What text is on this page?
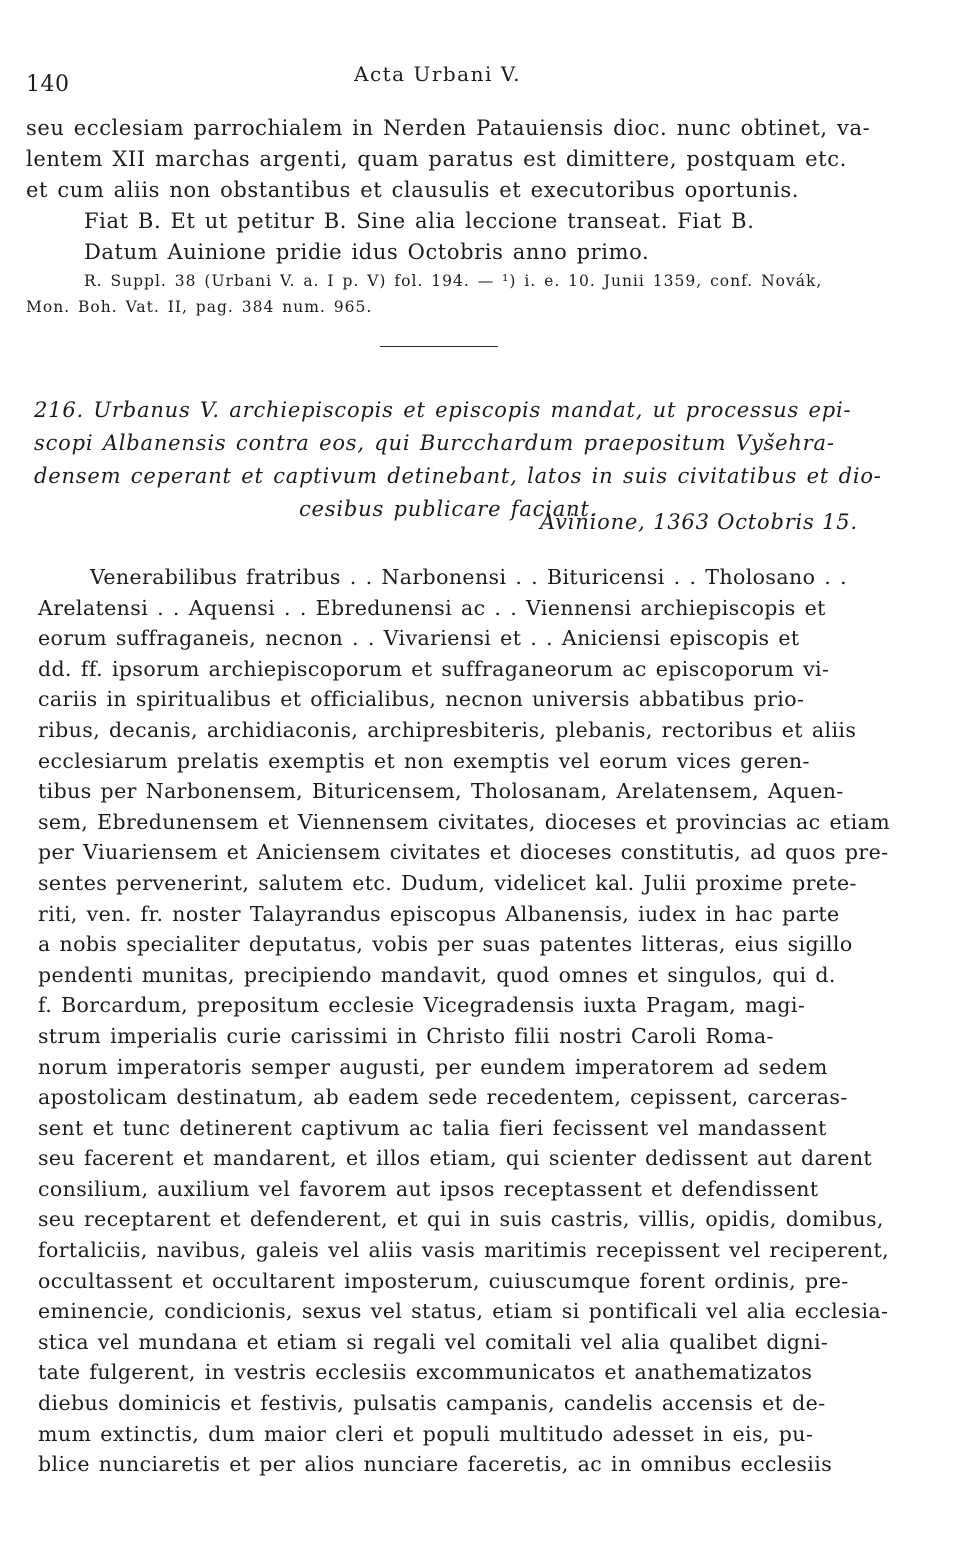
140	Acta Urbani V.
seu ecclesiam parrochialem in Nerden Patauiensis dioc. nunc obtinet, va-
lentem XII marchas argenti, quam paratus est dimittere, postquam etc.
et cum aliis non obstantibus et clausulis et executoribus oportunis.
Fiat B. Et ut petitur B. Sine alia leccione transeat. Fiat B.
Datum Auinione pridie idus Octobris anno primo.
R. Suppl. 38 (Urbani V. a. I p. V) fol. 194. — ¹) i. e. 10. Junii 1359, conf. Novák,
Mon. Boh. Vat. II, pag. 384 num. 965.
216. Urbanus V. archiepiscopis et episcopis mandat, ut processus epi-
scopi Albanensis contra eos, qui Burcchardum praepositum Vyšehra-
densem ceperant et captivum detinebant, latos in suis civitatibus et dio-
cesibus publicare faciant.
Avinione, 1363 Octobris 15.
Venerabilibus fratribus . . Narbonensi . . Bituricensi . . Tholosano . .
Arelatensi . . Aquensi . . Ebredunensi ac . . Viennensi archiepiscopis et
eorum suffraganeis, necnon . . Vivariensi et . . Aniciensi episcopis et
dd. ff. ipsorum archiepiscoporum et suffraganeorum ac episcoporum vi-
cariis in spiritualibus et officialibus, necnon universis abbatibus prio-
ribus, decanis, archidiaconis, archipresbiteris, plebanis, rectoribus et aliis
ecclesiarum prelatis exemptis et non exemptis vel eorum vices geren-
tibus per Narbonensem, Bituricensem, Tholosanam, Arelatensem, Aquen-
sem, Ebredunensem et Viennensem civitates, dioceses et provincias ac etiam
per Viuariensem et Aniciensem civitates et dioceses constitutis, ad quos pre-
sentes pervenerint, salutem etc. Dudum, videlicet kal. Julii proxime prete-
riti, ven. fr. noster Talayrandus episcopus Albanensis, iudex in hac parte
a nobis specialiter deputatus, vobis per suas patentes litteras, eius sigillo
pendenti munitas, precipiendo mandavit, quod omnes et singulos, qui d.
f. Borcardum, prepositum ecclesie Vicegradensis iuxta Pragam, magi-
strum imperialis curie carissimi in Christo filii nostri Caroli Roma-
norum imperatoris semper augusti, per eundem imperatorem ad sedem
apostolicam destinatum, ab eadem sede recedentem, cepissent, carceras-
sent et tunc detinerent captivum ac talia fieri fecissent vel mandassent
seu facerent et mandarent, et illos etiam, qui scienter dedissent aut darent
consilium, auxilium vel favorem aut ipsos receptassent et defendissent
seu receptarent et defenderent, et qui in suis castris, villis, opidis, domibus,
fortaliciis, navibus, galeis vel aliis vasis maritimis recepissent vel reciperent,
occultassent et occultarent imposterum, cuiuscumque forent ordinis, pre-
eminencie, condicionis, sexus vel status, etiam si pontificali vel alia ecclesia-
stica vel mundana et etiam si regali vel comitali vel alia qualibet digni-
tate fulgerent, in vestris ecclesiis excommunicatos et anathematizatos
diebus dominicis et festivis, pulsatis campanis, candelis accensis et de-
mum extinctis, dum maior cleri et populi multitudo adesset in eis, pu-
blice nunciaretis et per alios nunciare faceretis, ac in omnibus ecclesiis
